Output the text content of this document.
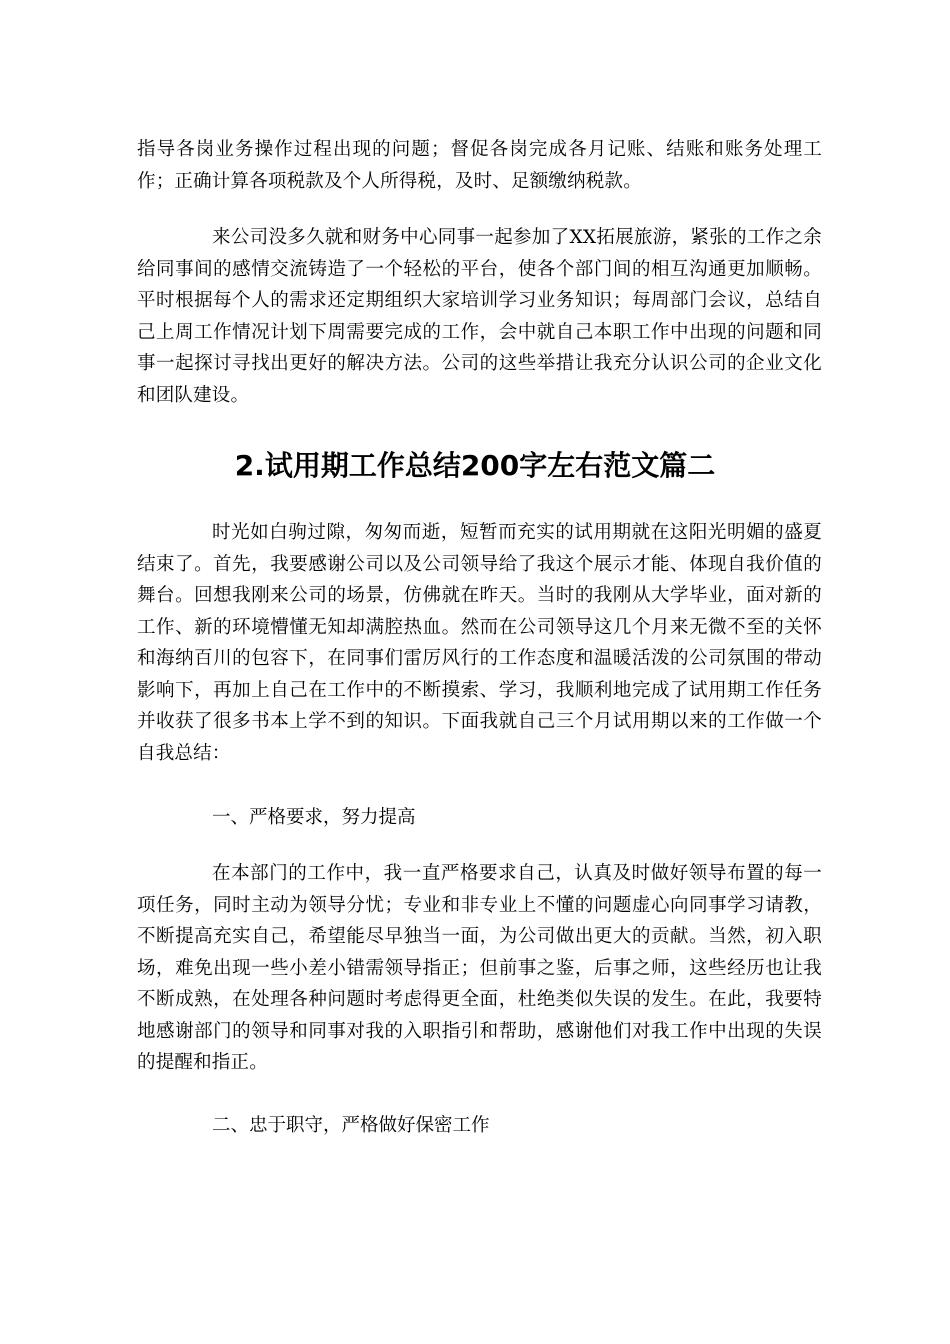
指导各岗业务操作过程出现的问题；督促各岗完成各月记账、结账和账务处理工作；正确计算各项税款及个人所得税，及时、足额缴纳税款。

来公司没多久就和财务中心同事一起参加了XX拓展旅游，紧张的工作之余给同事间的感情交流铸造了一个轻松的平台，使各个部门间的相互沟通更加顺畅。平时根据每个人的需求还定期组织大家培训学习业务知识；每周部门会议，总结自己上周工作情况计划下周需要完成的工作，会中就自己本职工作中出现的问题和同事一起探讨寻找出更好的解决方法。公司的这些举措让我充分认识公司的企业文化和团队建设。

2.试用期工作总结200字左右范文篇二

时光如白驹过隙，匆匆而逝，短暂而充实的试用期就在这阳光明媚的盛夏结束了。首先，我要感谢公司以及公司领导给了我这个展示才能、体现自我价值的舞台。回想我刚来公司的场景，仿佛就在昨天。当时的我刚从大学毕业，面对新的工作、新的环境懵懂无知却满腔热血。然而在公司领导这几个月来无微不至的关怀和海纳百川的包容下，在同事们雷厉风行的工作态度和温暖活泼的公司氛围的带动影响下，再加上自己在工作中的不断摸索、学习，我顺利地完成了试用期工作任务并收获了很多书本上学不到的知识。下面我就自己三个月试用期以来的工作做一个自我总结：

一、严格要求，努力提高

在本部门的工作中，我一直严格要求自己，认真及时做好领导布置的每一项任务，同时主动为领导分忧；专业和非专业上不懂的问题虚心向同事学习请教，不断提高充实自己，希望能尽早独当一面，为公司做出更大的贡献。当然，初入职场，难免出现一些小差小错需领导指正；但前事之鉴，后事之师，这些经历也让我不断成熟，在处理各种问题时考虑得更全面，杜绝类似失误的发生。在此，我要特地感谢部门的领导和同事对我的入职指引和帮助，感谢他们对我工作中出现的失误的提醒和指正。

二、忠于职守，严格做好保密工作
